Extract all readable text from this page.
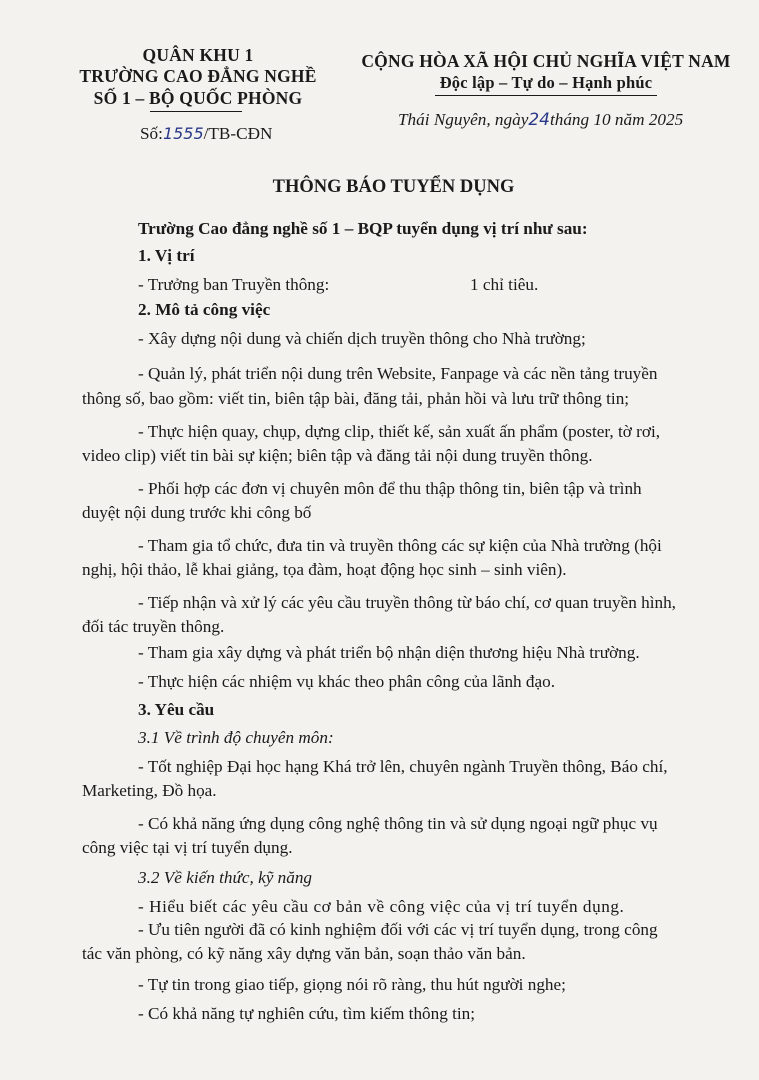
QUÂN KHU 1
TRƯỜNG CAO ĐẲNG NGHỀ
SỐ 1 – BỘ QUỐC PHÒNG
Số:1555/TB-CĐN
CỘNG HÒA XÃ HỘI CHỦ NGHĨA VIỆT NAM
Độc lập – Tự do – Hạnh phúc
Thái Nguyên, ngày24tháng 10 năm 2025
THÔNG BÁO TUYỂN DỤNG
Trường Cao đẳng nghề số 1 – BQP tuyển dụng vị trí như sau:
1. Vị trí
- Trưởng ban Truyền thông:	1 chỉ tiêu.
2. Mô tả công việc
- Xây dựng nội dung và chiến dịch truyền thông cho Nhà trường;
- Quản lý, phát triển nội dung trên Website, Fanpage và các nền tảng truyền
thông số, bao gồm: viết tin, biên tập bài, đăng tải, phản hồi và lưu trữ thông tin;
- Thực hiện quay, chụp, dựng clip, thiết kế, sản xuất ấn phẩm (poster, tờ rơi,
video clip) viết tin bài sự kiện; biên tập và đăng tải nội dung truyền thông.
- Phối hợp các đơn vị chuyên môn để thu thập thông tin, biên tập và trình
duyệt nội dung trước khi công bố
- Tham gia tổ chức, đưa tin và truyền thông các sự kiện của Nhà trường (hội
nghị, hội thảo, lễ khai giảng, tọa đàm, hoạt động học sinh – sinh viên).
- Tiếp nhận và xử lý các yêu cầu truyền thông từ báo chí, cơ quan truyền hình,
đối tác truyền thông.
- Tham gia xây dựng và phát triển bộ nhận diện thương hiệu Nhà trường.
- Thực hiện các nhiệm vụ khác theo phân công của lãnh đạo.
3. Yêu cầu
3.1 Về trình độ chuyên môn:
- Tốt nghiệp Đại học hạng Khá trở lên, chuyên ngành Truyền thông, Báo chí,
Marketing, Đồ họa.
- Có khả năng ứng dụng công nghệ thông tin và sử dụng ngoại ngữ phục vụ
công việc tại vị trí tuyển dụng.
3.2 Về kiến thức, kỹ năng
- Hiểu biết các yêu cầu cơ bản về công việc của vị trí tuyển dụng.
- Ưu tiên người đã có kinh nghiệm đối với các vị trí tuyển dụng, trong công
tác văn phòng, có kỹ năng xây dựng văn bản, soạn thảo văn bản.
- Tự tin trong giao tiếp, giọng nói rõ ràng, thu hút người nghe;
- Có khả năng tự nghiên cứu, tìm kiếm thông tin;
